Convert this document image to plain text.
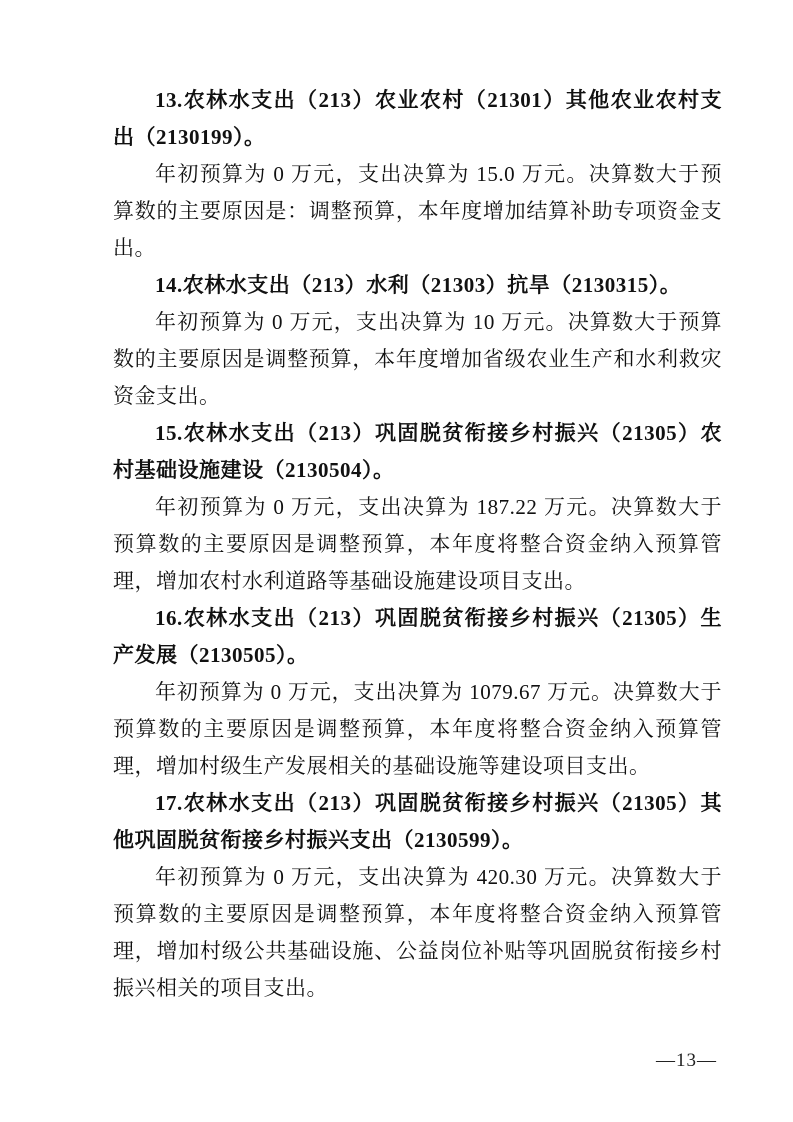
13.农林水支出（213）农业农村（21301）其他农业农村支出（2130199）。

年初预算为 0 万元，支出决算为 15.0 万元。决算数大于预算数的主要原因是：调整预算，本年度增加结算补助专项资金支出。

14.农林水支出（213）水利（21303）抗旱（2130315）。

年初预算为 0 万元，支出决算为 10 万元。决算数大于预算数的主要原因是调整预算，本年度增加省级农业生产和水利救灾资金支出。

15.农林水支出（213）巩固脱贫衔接乡村振兴（21305）农村基础设施建设（2130504）。

年初预算为 0 万元，支出决算为 187.22 万元。决算数大于预算数的主要原因是调整预算，本年度将整合资金纳入预算管理，增加农村水利道路等基础设施建设项目支出。

16.农林水支出（213）巩固脱贫衔接乡村振兴（21305）生产发展（2130505）。

年初预算为 0 万元，支出决算为 1079.67 万元。决算数大于预算数的主要原因是调整预算，本年度将整合资金纳入预算管理，增加村级生产发展相关的基础设施等建设项目支出。

17.农林水支出（213）巩固脱贫衔接乡村振兴（21305）其他巩固脱贫衔接乡村振兴支出（2130599）。

年初预算为 0 万元，支出决算为 420.30 万元。决算数大于预算数的主要原因是调整预算，本年度将整合资金纳入预算管理，增加村级公共基础设施、公益岗位补贴等巩固脱贫衔接乡村振兴相关的项目支出。

—13—
